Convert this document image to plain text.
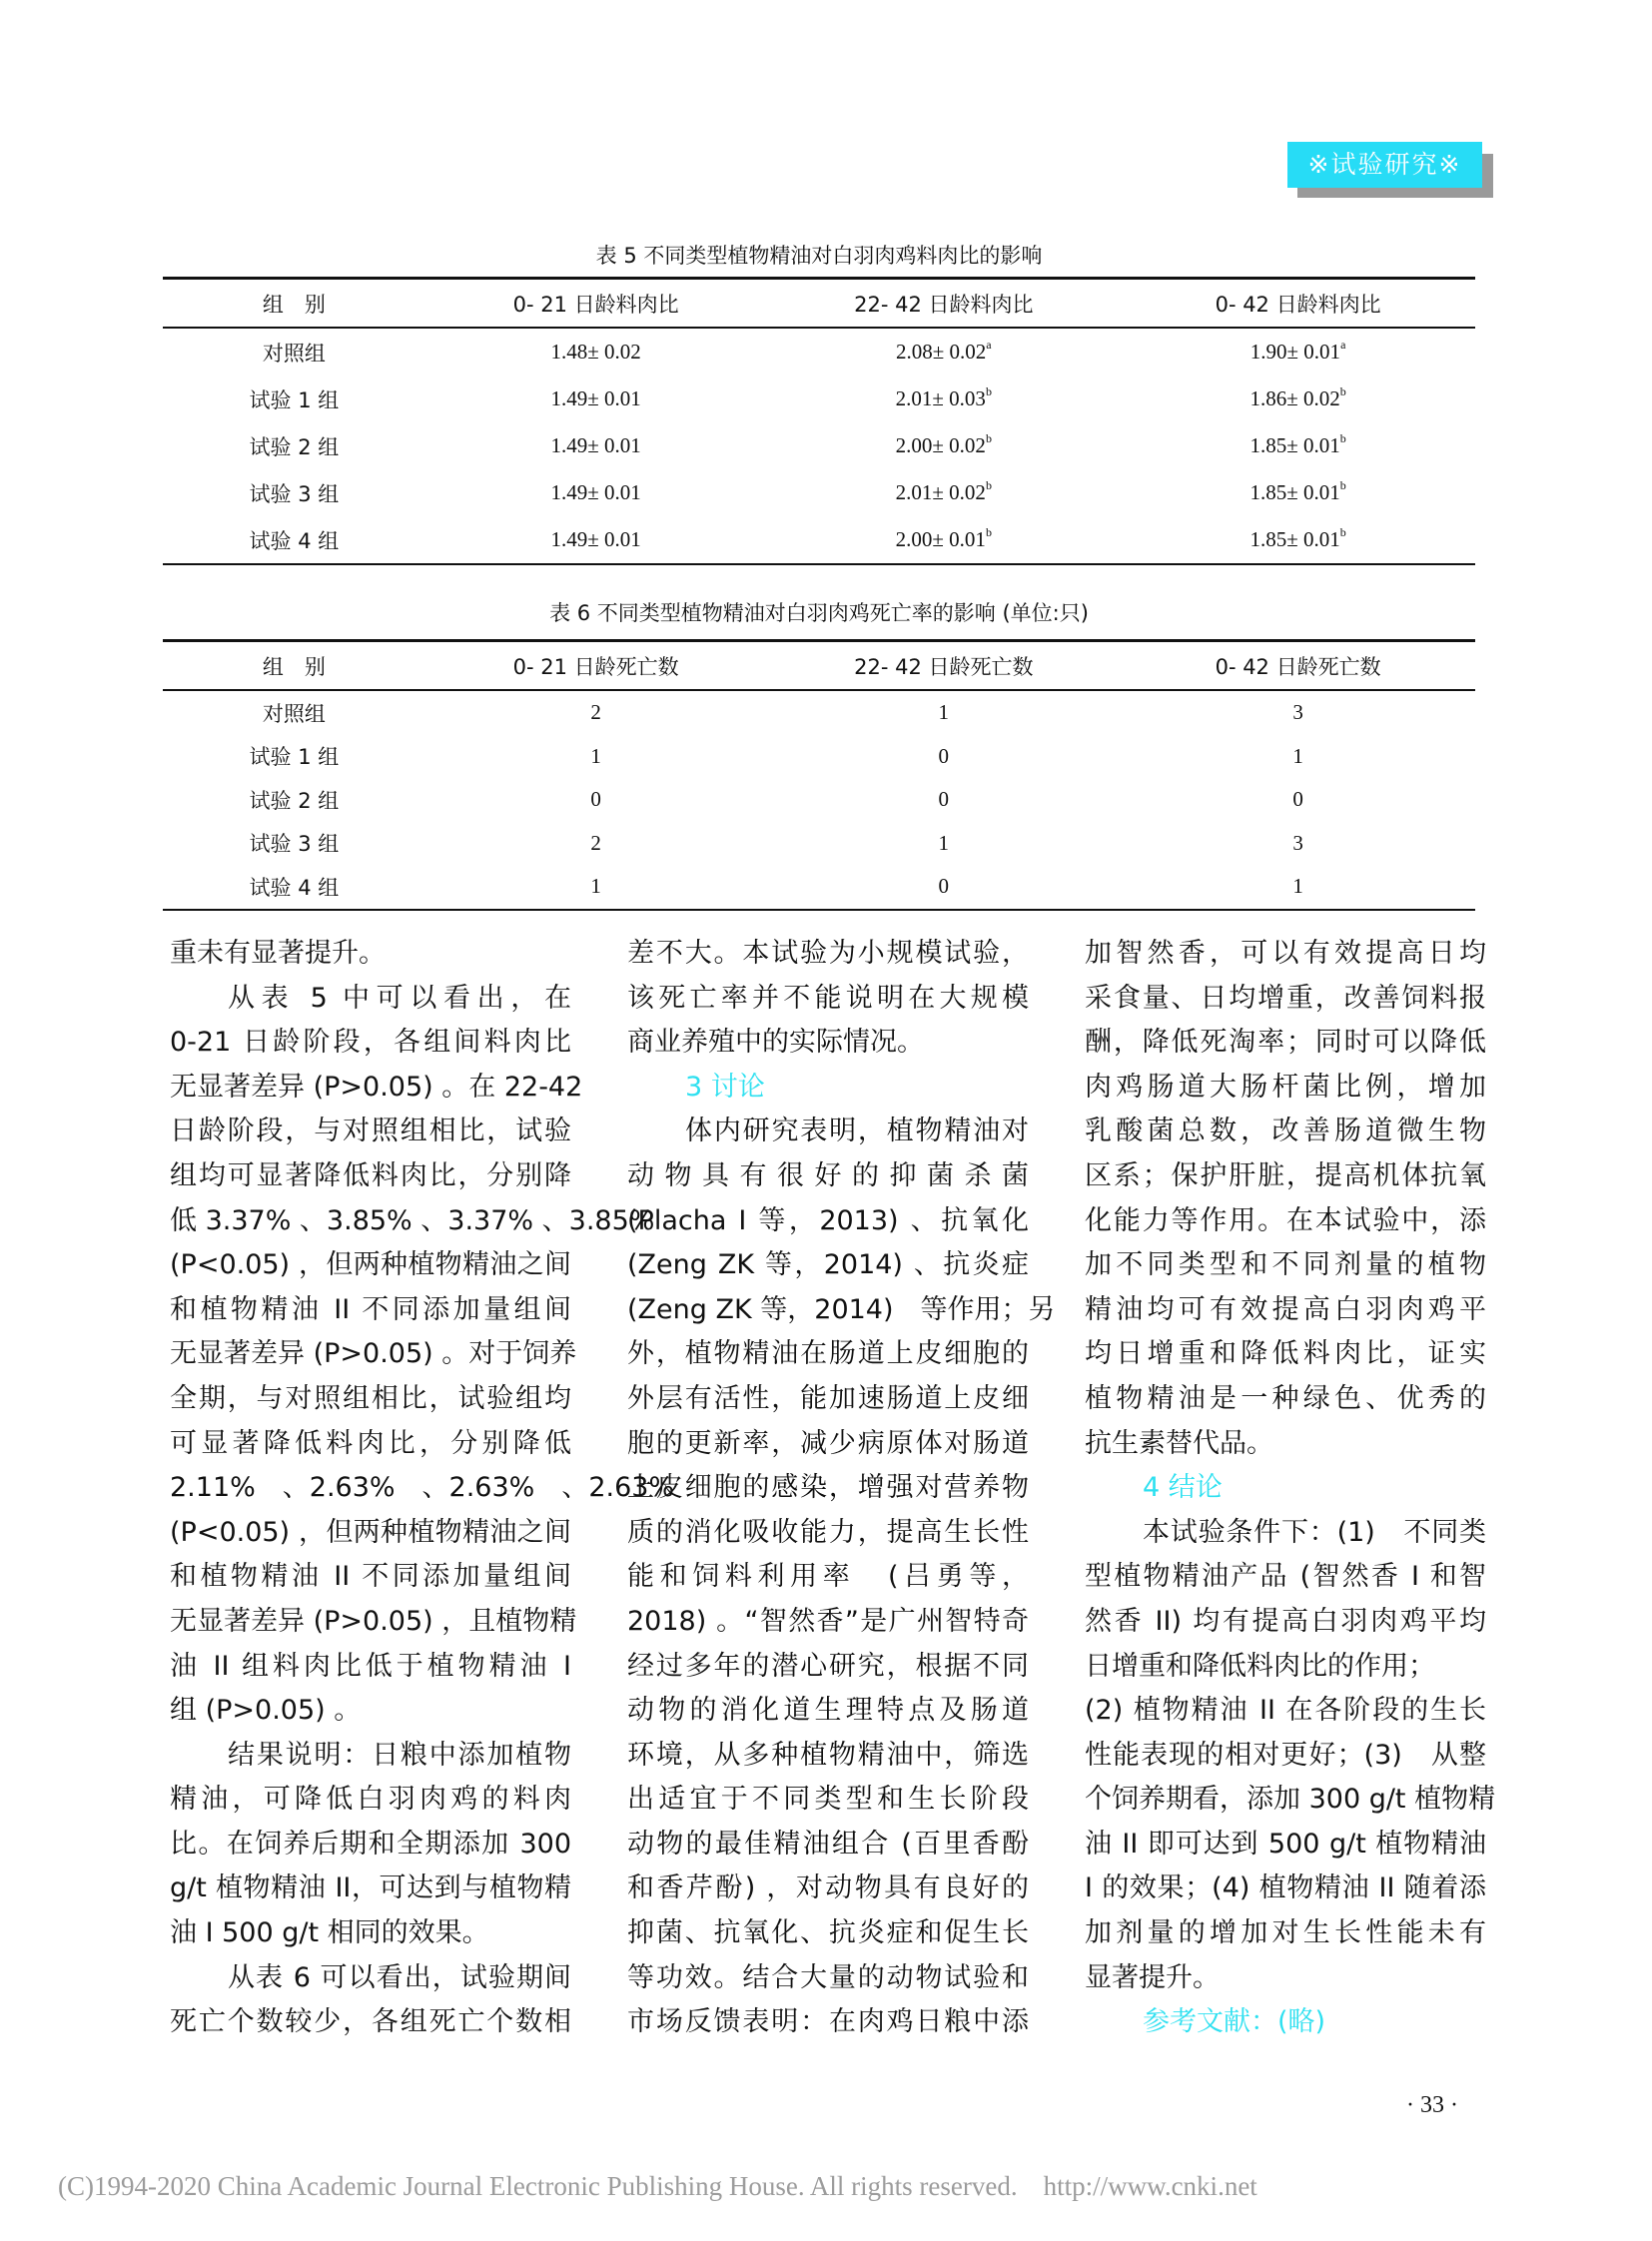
※试验研究※
表 5 不同类型植物精油对白羽肉鸡料肉比的影响
组　别	0- 21 日龄料肉比	22- 42 日龄料肉比	0- 42 日龄料肉比
对照组	1.48± 0.02	2.08± 0.02$^a$	1.90± 0.01$^a$
试验 1 组	1.49± 0.01	2.01± 0.03$^b$	1.86± 0.02$^b$
试验 2 组	1.49± 0.01	2.00± 0.02$^b$	1.85± 0.01$^b$
试验 3 组	1.49± 0.01	2.01± 0.02$^b$	1.85± 0.01$^b$
试验 4 组	1.49± 0.01	2.00± 0.01$^b$	1.85± 0.01$^b$
表 6 不同类型植物精油对白羽肉鸡死亡率的影响 (单位:只)
组　别	0- 21 日龄死亡数	22- 42 日龄死亡数	0- 42 日龄死亡数
对照组	2	1	3
试验 1 组	1	0	1
试验 2 组	0	0	0
试验 3 组	2	1	3
试验 4 组	1	0	1
重未有显著提升。
从表 5 中可以看出，在
0-21 日龄阶段，各组间料肉比
无显著差异 (P>0.05) 。在 22-42
日龄阶段，与对照组相比，试验
组均可显著降低料肉比，分别降
低 3.37% 、3.85% 、3.37% 、3.85%
(P<0.05) ，但两种植物精油之间
和植物精油 II 不同添加量组间
无显著差异 (P>0.05) 。对于饲养
全期，与对照组相比，试验组均
可显著降低料肉比，分别降低
2.11%　、2.63%　、2.63%　、2.63%
(P<0.05) ，但两种植物精油之间
和植物精油 II 不同添加量组间
无显著差异 (P>0.05) ，且植物精
油 II 组料肉比低于植物精油 I
组 (P>0.05) 。
结果说明：日粮中添加植物
精油，可降低白羽肉鸡的料肉
比。在饲养后期和全期添加 300
g/t 植物精油 II，可达到与植物精
油 I 500 g/t 相同的效果。
从表 6 可以看出，试验期间
死亡个数较少，各组死亡个数相
差不大。本试验为小规模试验，
该死亡率并不能说明在大规模
商业养殖中的实际情况。
3 讨论
体内研究表明，植物精油对
动物具有很好的抑菌杀菌
(Placha I 等，2013) 、抗氧化
(Zeng ZK 等，2014) 、抗炎症
(Zeng ZK 等，2014)　等作用；另
外，植物精油在肠道上皮细胞的
外层有活性，能加速肠道上皮细
胞的更新率，减少病原体对肠道
上皮细胞的感染，增强对营养物
质的消化吸收能力，提高生长性
能和饲料利用率　(吕勇等，
2018) 。“智然香”是广州智特奇
经过多年的潜心研究，根据不同
动物的消化道生理特点及肠道
环境，从多种植物精油中，筛选
出适宜于不同类型和生长阶段
动物的最佳精油组合 (百里香酚
和香芹酚) ，对动物具有良好的
抑菌、抗氧化、抗炎症和促生长
等功效。结合大量的动物试验和
市场反馈表明：在肉鸡日粮中添
加智然香，可以有效提高日均
采食量、日均增重，改善饲料报
酬，降低死淘率；同时可以降低
肉鸡肠道大肠杆菌比例，增加
乳酸菌总数，改善肠道微生物
区系；保护肝脏，提高机体抗氧
化能力等作用。在本试验中，添
加不同类型和不同剂量的植物
精油均可有效提高白羽肉鸡平
均日增重和降低料肉比，证实
植物精油是一种绿色、优秀的
抗生素替代品。
4 结论
本试验条件下：(1)　不同类
型植物精油产品 (智然香 I 和智
然香 II) 均有提高白羽肉鸡平均
日增重和降低料肉比的作用；
(2) 植物精油 II 在各阶段的生长
性能表现的相对更好；(3)　从整
个饲养期看，添加 300 g/t 植物精
油 II 即可达到 500 g/t 植物精油
I 的效果；(4) 植物精油 II 随着添
加剂量的增加对生长性能未有
显著提升。
参考文献：(略)
· 33 ·
(C)1994-2020 China Academic Journal Electronic Publishing House. All rights reserved. http://www.cnki.net
